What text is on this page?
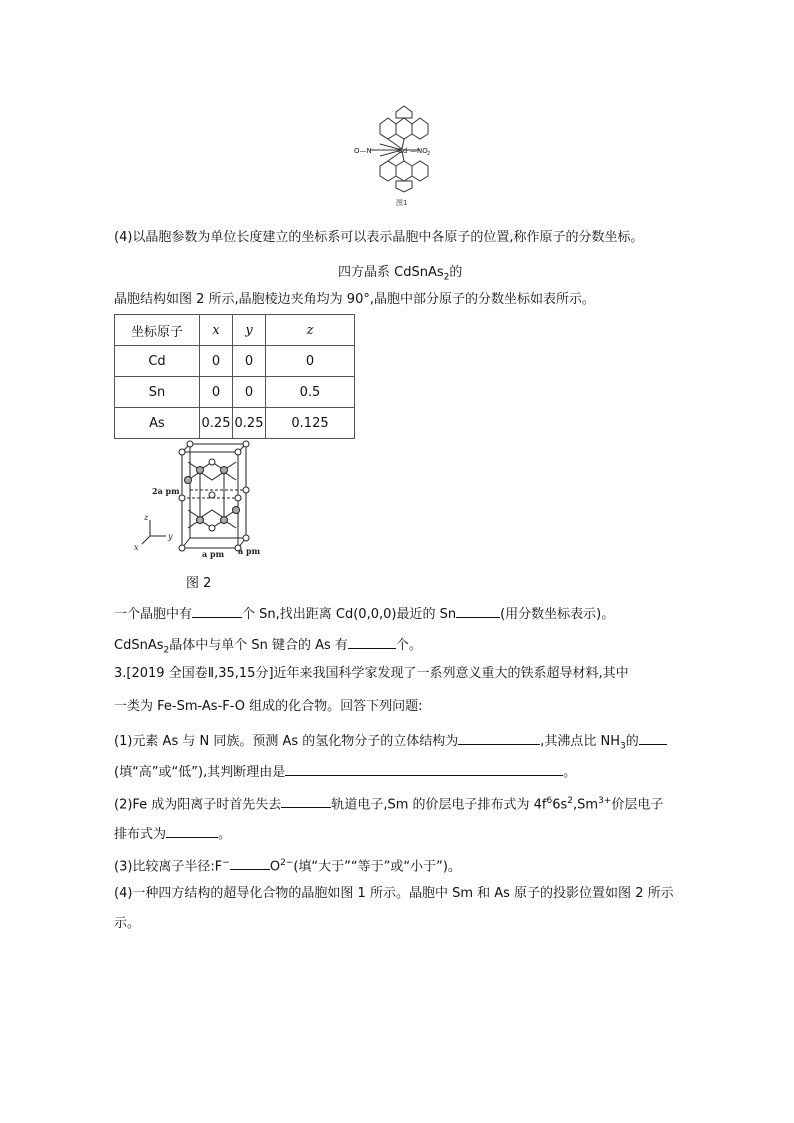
O—N	Cd —NO 2
图1
(4)以晶胞参数为单位长度建立的坐标系可以表示晶胞中各原子的位置,称作原子的分数坐标。
四方晶系 CdSnAs$_2$的
晶胞结构如图 2 所示,晶胞棱边夹角均为 90°,晶胞中部分原子的分数坐标如表所示。
坐标原子	x	y	z
Cd	0	0	0
Sn	0	0	0.5
As	0.25	0.25	0.125
z
y
x
2a pm
a pm a pm
图 2
一个晶胞中有	个 Sn,找出距离 Cd(0,0,0)最近的 Sn	(用分数坐标表示)。
CdSnAs$_2$晶体中与单个 Sn 键合的 As 有	个。
3.[2019 全国卷Ⅱ,35,15分]近年来我国科学家发现了一系列意义重大的铁系超导材料,其中
一类为 Fe-Sm-As-F-O 组成的化合物。回答下列问题:
(1)元素 As 与 N 同族。预测 As 的氢化物分子的立体结构为	,其沸点比 $NH_3$的
(填“高”或“低”),其判断理由是	。
(2)Fe 成为阳离子时首先失去	轨道电子,Sm 的价层电子排布式为 $4f^66s^2,Sm^{3+}$价层电子
排布式为	。
(3)比较离子半径:F−	$O^{2-}$(填“大于”“等于”或“小于”)。
(4)一种四方结构的超导化合物的晶胞如图 1 所示。晶胞中 Sm 和 As 原子的投影位置如图 2 所示
示。
